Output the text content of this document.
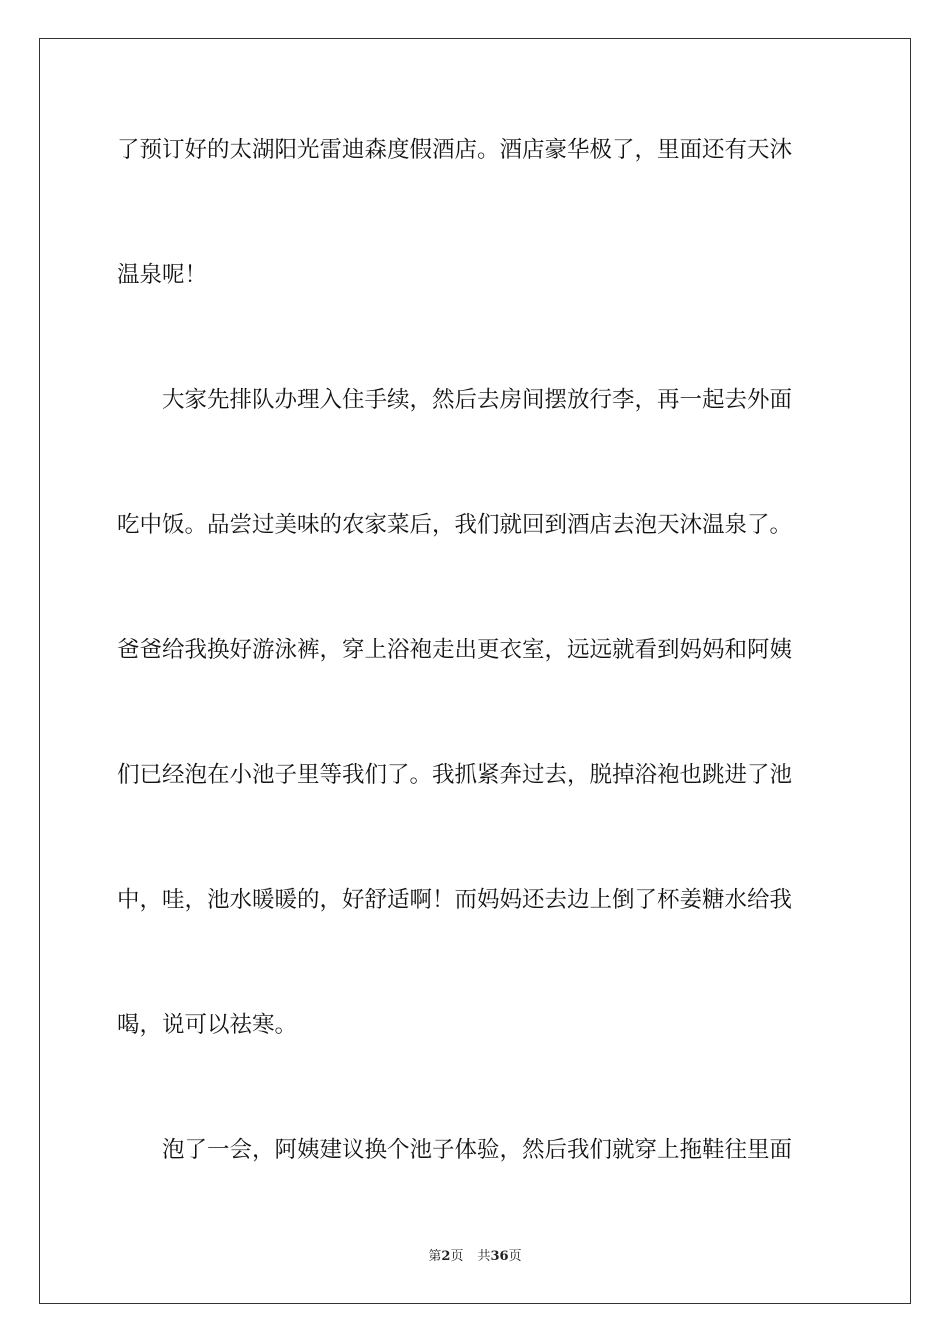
了预订好的太湖阳光雷迪森度假酒店。酒店豪华极了，里面还有天沐
温泉呢！
　　大家先排队办理入住手续，然后去房间摆放行李，再一起去外面
吃中饭。品尝过美味的农家菜后，我们就回到酒店去泡天沐温泉了。
爸爸给我换好游泳裤，穿上浴袍走出更衣室，远远就看到妈妈和阿姨
们已经泡在小池子里等我们了。我抓紧奔过去，脱掉浴袍也跳进了池
中，哇，池水暖暖的，好舒适啊！而妈妈还去边上倒了杯姜糖水给我
喝，说可以祛寒。
　　泡了一会，阿姨建议换个池子体验，然后我们就穿上拖鞋往里面
第2页 共36页
